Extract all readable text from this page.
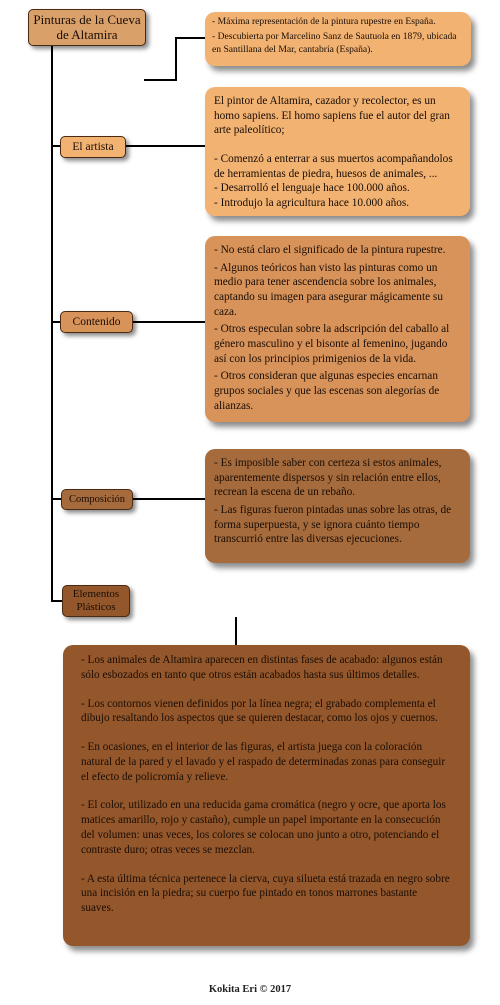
Pinturas de la Cueva de Altamira

- Máxima representación de la pintura rupestre en España.

- Descubierta por Marcelino Sanz de Sautuola en 1879, ubicada en Santillana del Mar, cantabría (España).

El artista

El pintor de Altamira, cazador y recolector, es un homo sapiens. El homo sapiens fue el autor del gran arte paleolítico;

- Comenzó a enterrar a sus muertos acompañandolos de herramientas de piedra, huesos de animales, ...

- Desarrolló el lenguaje hace 100.000 años.

- Introdujo la agricultura hace 10.000 años.

Contenido

- No está claro el significado de la pintura rupestre.

- Algunos teóricos han visto las pinturas como un medio para tener ascendencia sobre los animales, captando su imagen para asegurar mágicamente su caza.

- Otros especulan sobre la adscripción del caballo al género masculino y el bisonte al femenino, jugando así con los principios primigenios de la vida.

- Otros consideran que algunas especies encarnan grupos sociales y que las escenas son alegorías de alianzas.

Composición

- Es imposible saber con certeza si estos animales, aparentemente dispersos y sin relación entre ellos, recrean la escena de un rebaño.

- Las figuras fueron pintadas unas sobre las otras, de forma superpuesta, y se ignora cuánto tiempo transcurrió entre las diversas ejecuciones.

Elementos Plásticos

- Los animales de Altamira aparecen en distintas fases de acabado: algunos están sólo esbozados en tanto que otros están acabados hasta sus últimos detalles.

- Los contornos vienen definidos por la línea negra; el grabado complementa el dibujo resaltando los aspectos que se quieren destacar, como los ojos y cuernos.

- En ocasiones, en el interior de las figuras, el artista juega con la coloración natural de la pared y el lavado y el raspado de determinadas zonas para conseguir el efecto de policromía y relieve.

- El color, utilizado en una reducida gama cromática (negro y ocre, que aporta los matices amarillo, rojo y castaño), cumple un papel importante en la consecución del volumen: unas veces, los colores se colocan uno junto a otro, potenciando el contraste duro; otras veces se mezclan.

- A esta última técnica pertenece la cierva, cuya silueta está trazada en negro sobre una incisión en la piedra; su cuerpo fue pintado en tonos marrones bastante suaves.

Kokita Eri © 2017
